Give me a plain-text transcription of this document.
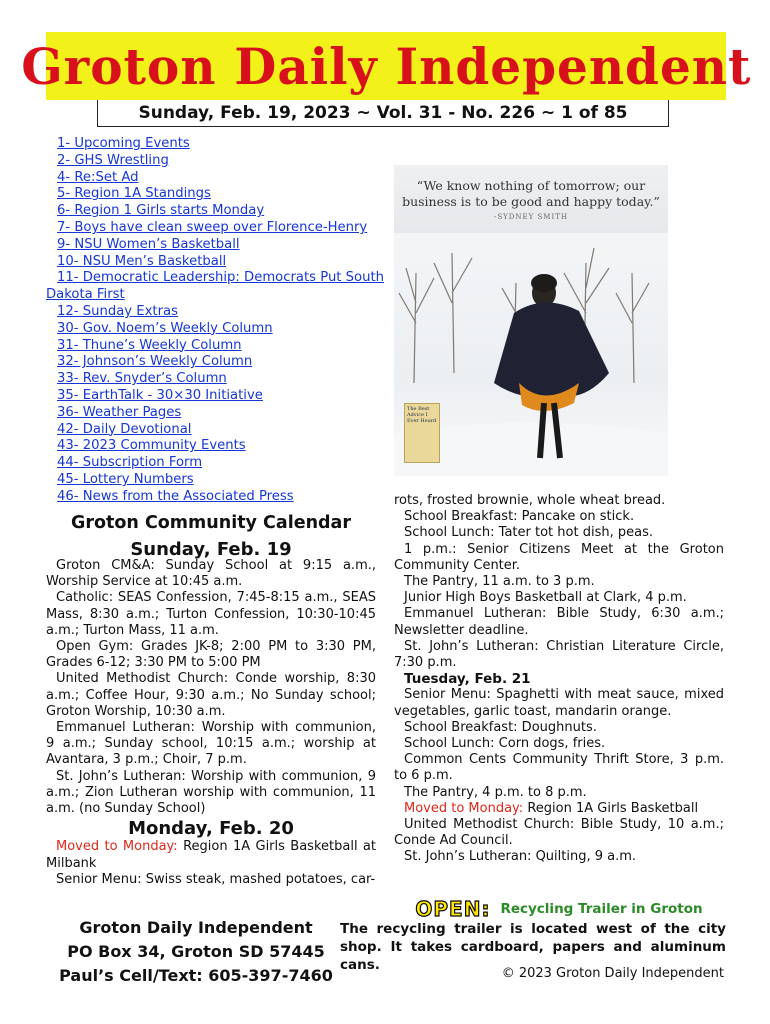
Groton Daily Independent
Sunday, Feb. 19, 2023 ~ Vol. 31 - No. 226 ~ 1 of 85
1- Upcoming Events
2- GHS Wrestling
4- Re:Set Ad
5- Region 1A Standings
6- Region 1 Girls starts Monday
7- Boys have clean sweep over Florence-Henry
9- NSU Women’s Basketball
10- NSU Men’s Basketball
11- Democratic Leadership: Democrats Put South Dakota First
12- Sunday Extras
30- Gov. Noem’s Weekly Column
31- Thune’s Weekly Column
32- Johnson’s Weekly Column
33- Rev. Snyder’s Column
35- EarthTalk - 30×30 Initiative
36- Weather Pages
42- Daily Devotional
43- 2023 Community Events
44- Subscription Form
45- Lottery Numbers
46- News from the Associated Press
“We know nothing of tomorrow; our
business is to be good and happy today.”
-SYDNEY SMITH
The Best Advice I Ever Heard
Groton Community Calendar
Sunday, Feb. 19

Groton CM&A: Sunday School at 9:15 a.m., Worship Service at 10:45 a.m.

Catholic: SEAS Confession, 7:45-8:15 a.m., SEAS Mass, 8:30 a.m.; Turton Confession, 10:30-10:45 a.m.; Turton Mass, 11 a.m.

Open Gym: Grades JK-8; 2:00 PM to 3:30 PM, Grades 6-12; 3:30 PM to 5:00 PM

United Methodist Church: Conde worship, 8:30 a.m.; Coffee Hour, 9:30 a.m.; No Sunday school; Groton Worship, 10:30 a.m.

Emmanuel Lutheran: Worship with communion, 9 a.m.; Sunday school, 10:15 a.m.; worship at Avantara, 3 p.m.; Choir, 7 p.m.

St. John’s Lutheran: Worship with communion, 9 a.m.; Zion Lutheran worship with communion, 11 a.m. (no Sunday School)

Monday, Feb. 20

Moved to Monday: Region 1A Girls Basketball at Milbank

Senior Menu: Swiss steak, mashed potatoes, car-

rots, frosted brownie, whole wheat bread.

School Breakfast: Pancake on stick.

School Lunch: Tater tot hot dish, peas.

1 p.m.: Senior Citizens Meet at the Groton Community Center.

The Pantry, 11 a.m. to 3 p.m.

Junior High Boys Basketball at Clark, 4 p.m.

Emmanuel Lutheran: Bible Study, 6:30 a.m.; Newsletter deadline.

St. John’s Lutheran: Christian Literature Circle, 7:30 p.m.

Tuesday, Feb. 21

Senior Menu: Spaghetti with meat sauce, mixed vegetables, garlic toast, mandarin orange.

School Breakfast: Doughnuts.

School Lunch: Corn dogs, fries.

Common Cents Community Thrift Store, 3 p.m. to 6 p.m.

The Pantry, 4 p.m. to 8 p.m.

Moved to Monday: Region 1A Girls Basketball

United Methodist Church: Bible Study, 10 a.m.; Conde Ad Council.

St. John’s Lutheran: Quilting, 9 a.m.

Groton Daily Independent
PO Box 34, Groton SD 57445
Paul’s Cell/Text: 605-397-7460
OPEN: Recycling Trailer in Groton
The recycling trailer is located west of the city shop. It takes cardboard, papers and aluminum cans.
© 2023 Groton Daily Independent
